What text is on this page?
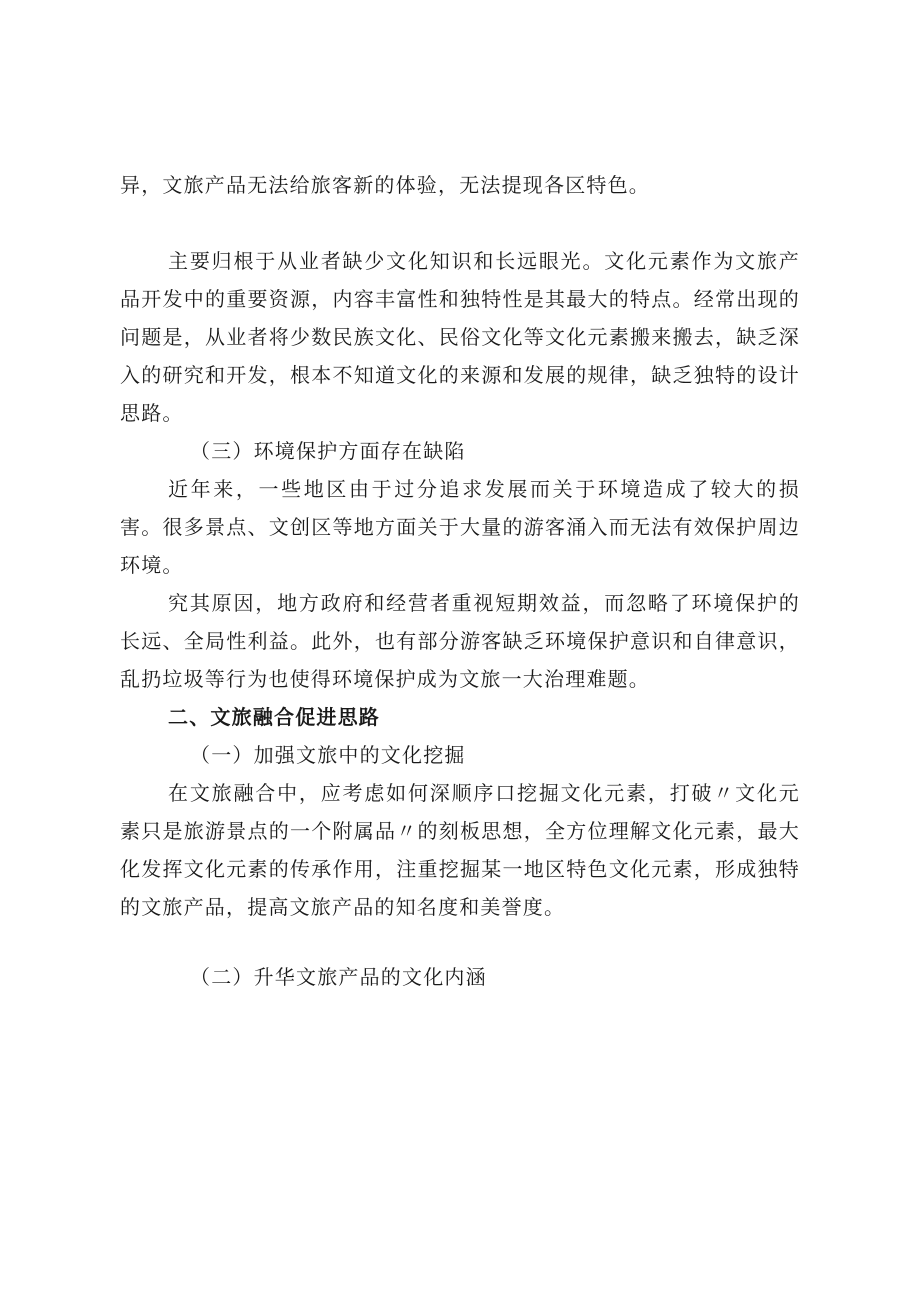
异，文旅产品无法给旅客新的体验，无法提现各区特色。

主要归根于从业者缺少文化知识和长远眼光。文化元素作为文旅产品开发中的重要资源，内容丰富性和独特性是其最大的特点。经常出现的问题是，从业者将少数民族文化、民俗文化等文化元素搬来搬去，缺乏深入的研究和开发，根本不知道文化的来源和发展的规律，缺乏独特的设计思路。

（三）环境保护方面存在缺陷

近年来，一些地区由于过分追求发展而关于环境造成了较大的损害。很多景点、文创区等地方面关于大量的游客涌入而无法有效保护周边环境。

究其原因，地方政府和经营者重视短期效益，而忽略了环境保护的长远、全局性利益。此外，也有部分游客缺乏环境保护意识和自律意识，乱扔垃圾等行为也使得环境保护成为文旅一大治理难题。

二、文旅融合促进思路

（一）加强文旅中的文化挖掘

在文旅融合中，应考虑如何深顺序口挖掘文化元素，打破〃文化元素只是旅游景点的一个附属品〃的刻板思想，全方位理解文化元素，最大化发挥文化元素的传承作用，注重挖掘某一地区特色文化元素，形成独特的文旅产品，提高文旅产品的知名度和美誉度。

（二）升华文旅产品的文化内涵
